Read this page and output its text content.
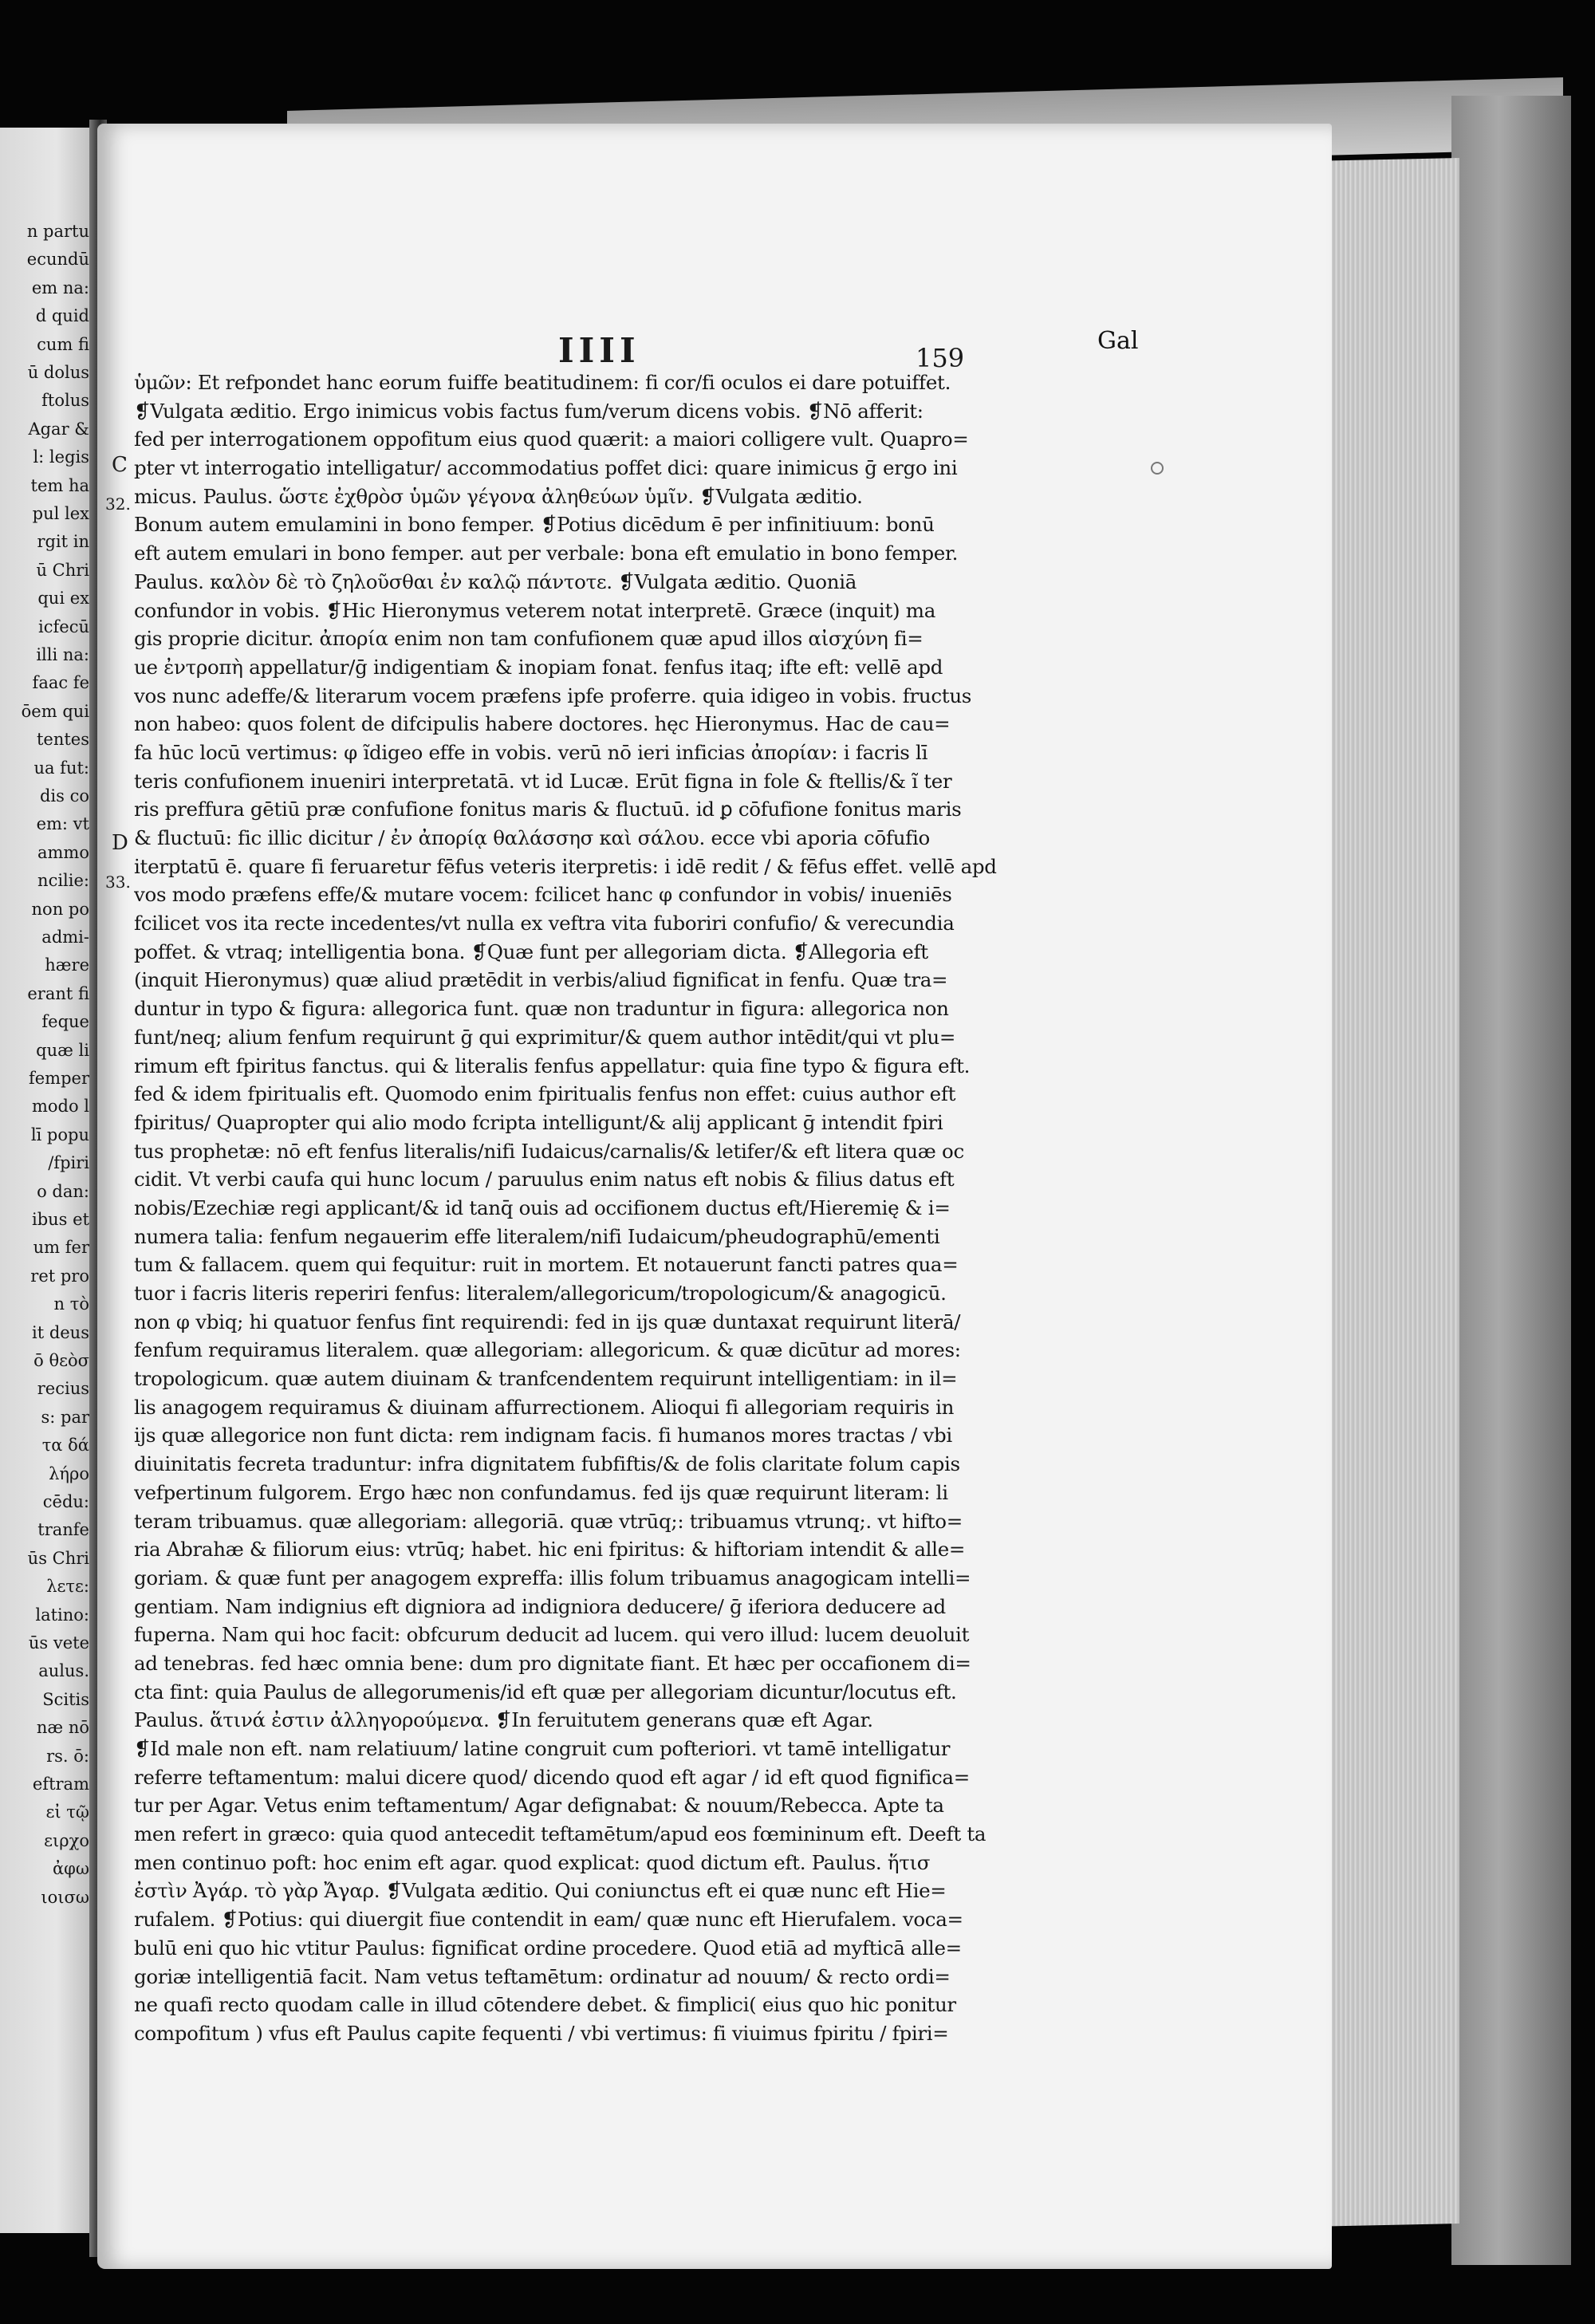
n partu
ecundū
em na:
d quid
cum fi
ū dolus
ftolus
Agar &
l: legis
tem ha
pul lex
rgit in
ū Chri
qui ex
icfecū
illi na:
faac fe
ōem qui
tentes
ua fut:
dis co
em: vt
ammo
ncilie:
non po
admi-
hære
erant fi
feque
quæ li
femper
modo l
lī popu
/fpiri
o dan:
ibus et
um fer
ret pro
n τὸ
it deus
ō θεὸσ
recius
s: par
τα δά
λήρο
cēdu:
tranfe
ūs Chri
λετε:
latino:
ūs vete
aulus.
Scitis
næ nō
rs. ō:
eftram
εἰ τῷ
ειρχο
ἀφω
ιοισω
IIII	159
Gal
C
32.
D
33.
ὑμῶν: Et refpondet hanc eorum fuiffe beatitudinem: fi cor/fi oculos ei dare potuiffet.
❡Vulgata æditio. Ergo inimicus vobis factus fum/verum dicens vobis. ❡Nō afferit:
fed per interrogationem oppofitum eius quod quærit: a maiori colligere vult. Quapro=
pter vt interrogatio intelligatur/ accommodatius poffet dici: quare inimicus ḡ ergo ini
micus. Paulus. ὥστε ἐχθρὸσ ὑμῶν γέγονα ἀληθεύων ὑμῖν. ❡Vulgata æditio.
Bonum autem emulamini in bono femper. ❡Potius dicēdum ē per infinitiuum: bonū
eft autem emulari in bono femper. aut per verbale: bona eft emulatio in bono femper.
Paulus. καλὸν δὲ τὸ ζηλοῦσθαι ἐν καλῷ πάντοτε. ❡Vulgata æditio. Quoniā
confundor in vobis. ❡Hic Hieronymus veterem notat interpretē. Græce (inquit) ma
gis proprie dicitur. ἀπορία enim non tam confufionem quæ apud illos αἰσχύνη fi=
ue ἐντροπὴ appellatur/ḡ indigentiam & inopiam fonat. fenfus itaq; ifte eft: vellē apd
vos nunc adeffe/& literarum vocem præfens ipfe proferre. quia idigeo in vobis. fructus
non habeo: quos folent de difcipulis habere doctores. hęc Hieronymus. Hac de cau=
fa hūc locū vertimus: φ ĩdigeo effe in vobis. verū nō ieri inficias ἀπορίαν: i facris lī
teris confufionem inueniri interpretatā. vt id Lucæ. Erūt figna in fole & ftellis/& ĩ ter
ris preffura gētiū præ confufione fonitus maris & fluctuū. id ꝑ cōfufione fonitus maris
& fluctuū: fic illic dicitur / ἐν ἀπορίᾳ θαλάσσησ καὶ σάλου. ecce vbi aporia cōfufio
iterptatū ē. quare fi feruaretur fēfus veteris iterpretis: i idē redit / & fēfus effet. vellē apd
vos modo præfens effe/& mutare vocem: fcilicet hanc φ confundor in vobis/ inueniēs
fcilicet vos ita recte incedentes/vt nulla ex veftra vita fuboriri confufio/ & verecundia
poffet. & vtraq; intelligentia bona. ❡Quæ funt per allegoriam dicta. ❡Allegoria eft
(inquit Hieronymus) quæ aliud prætēdit in verbis/aliud fignificat in fenfu. Quæ tra=
duntur in typo & figura: allegorica funt. quæ non traduntur in figura: allegorica non
funt/neq; alium fenfum requirunt ḡ qui exprimitur/& quem author intēdit/qui vt plu=
rimum eft fpiritus fanctus. qui & literalis fenfus appellatur: quia fine typo & figura eft.
fed & idem fpiritualis eft. Quomodo enim fpiritualis fenfus non effet: cuius author eft
fpiritus/ Quapropter qui alio modo fcripta intelligunt/& alij applicant ḡ intendit fpiri
tus prophetæ: nō eft fenfus literalis/nifi Iudaicus/carnalis/& letifer/& eft litera quæ oc
cidit. Vt verbi caufa qui hunc locum / paruulus enim natus eft nobis & filius datus eft
nobis/Ezechiæ regi applicant/& id tanq̄ ouis ad occifionem ductus eft/Hieremię & i=
numera talia: fenfum negauerim effe literalem/nifi Iudaicum/pheudographū/ementi
tum & fallacem. quem qui fequitur: ruit in mortem. Et notauerunt fancti patres qua=
tuor i facris literis reperiri fenfus: literalem/allegoricum/tropologicum/& anagogicū.
non φ vbiq; hi quatuor fenfus fint requirendi: fed in ijs quæ duntaxat requirunt literā/
fenfum requiramus literalem. quæ allegoriam: allegoricum. & quæ dicūtur ad mores:
tropologicum. quæ autem diuinam & tranfcendentem requirunt intelligentiam: in il=
lis anagogem requiramus & diuinam affurrectionem. Alioqui fi allegoriam requiris in
ijs quæ allegorice non funt dicta: rem indignam facis. fi humanos mores tractas / vbi
diuinitatis fecreta traduntur: infra dignitatem fubfiftis/& de folis claritate folum capis
vefpertinum fulgorem. Ergo hæc non confundamus. fed ijs quæ requirunt literam: li
teram tribuamus. quæ allegoriam: allegoriā. quæ vtrūq;: tribuamus vtrunq;. vt hifto=
ria Abrahæ & filiorum eius: vtrūq; habet. hic eni fpiritus: & hiftoriam intendit & alle=
goriam. & quæ funt per anagogem expreffa: illis folum tribuamus anagogicam intelli=
gentiam. Nam indignius eft digniora ad indigniora deducere/ ḡ iferiora deducere ad
fuperna. Nam qui hoc facit: obfcurum deducit ad lucem. qui vero illud: lucem deuoluit
ad tenebras. fed hæc omnia bene: dum pro dignitate fiant. Et hæc per occafionem di=
cta fint: quia Paulus de allegorumenis/id eft quæ per allegoriam dicuntur/locutus eft.
Paulus. ἅτινά ἐστιν ἀλληγορούμενα. ❡In feruitutem generans quæ eft Agar.
❡Id male non eft. nam relatiuum/ latine congruit cum pofteriori. vt tamē intelligatur
referre teftamentum: malui dicere quod/ dicendo quod eft agar / id eft quod fignifica=
tur per Agar. Vetus enim teftamentum/ Agar defignabat: & nouum/Rebecca. Apte ta
men refert in græco: quia quod antecedit teftamētum/apud eos fœmininum eft. Deeft ta
men continuo poft: hoc enim eft agar. quod explicat: quod dictum eft. Paulus. ἥτισ
ἐστὶν Ἀγάρ. τὸ γὰρ Ἄγαρ. ❡Vulgata æditio. Qui coniunctus eft ei quæ nunc eft Hie=
rufalem. ❡Potius: qui diuergit fiue contendit in eam/ quæ nunc eft Hierufalem. voca=
bulū eni quo hic vtitur Paulus: fignificat ordine procedere. Quod etiā ad myfticā alle=
goriæ intelligentiā facit. Nam vetus teftamētum: ordinatur ad nouum/ & recto ordi=
ne quafi recto quodam calle in illud cōtendere debet. & fimplici( eius quo hic ponitur
compofitum ) vfus eft Paulus capite fequenti / vbi vertimus: fi viuimus fpiritu / fpiri=
